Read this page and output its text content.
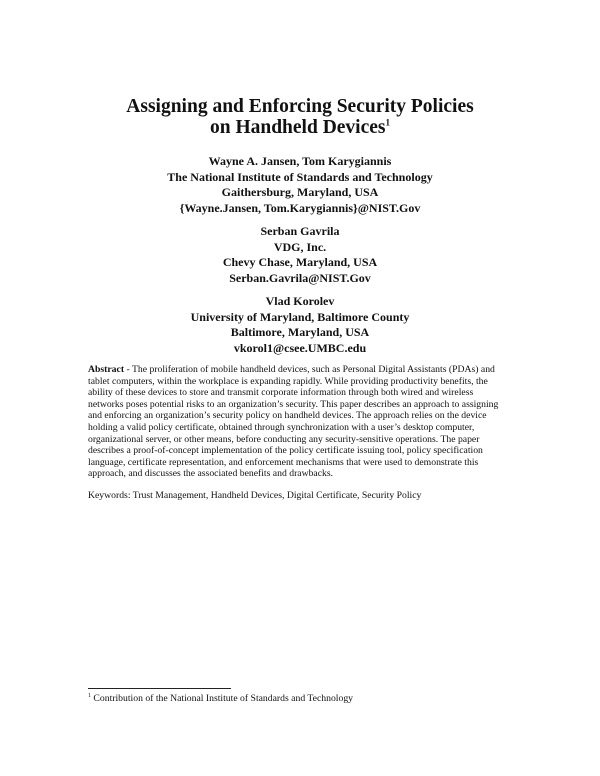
Assigning and Enforcing Security Policies
on Handheld Devices$^1$
Wayne A. Jansen, Tom Karygiannis
The National Institute of Standards and Technology
Gaithersburg, Maryland, USA
{Wayne.Jansen, Tom.Karygiannis}@NIST.Gov
Serban Gavrila
VDG, Inc.
Chevy Chase, Maryland, USA
Serban.Gavrila@NIST.Gov
Vlad Korolev
University of Maryland, Baltimore County
Baltimore, Maryland, USA
vkorol1@csee.UMBC.edu
Abstract - The proliferation of mobile handheld devices, such as Personal Digital Assistants (PDAs) and
tablet computers, within the workplace is expanding rapidly. While providing productivity benefits, the
ability of these devices to store and transmit corporate information through both wired and wireless
networks poses potential risks to an organization’s security. This paper describes an approach to assigning
and enforcing an organization’s security policy on handheld devices. The approach relies on the device
holding a valid policy certificate, obtained through synchronization with a user’s desktop computer,
organizational server, or other means, before conducting any security-sensitive operations. The paper
describes a proof-of-concept implementation of the policy certificate issuing tool, policy specification
language, certificate representation, and enforcement mechanisms that were used to demonstrate this
approach, and discusses the associated benefits and drawbacks.
Keywords: Trust Management, Handheld Devices, Digital Certificate, Security Policy
$^1$ Contribution of the National Institute of Standards and Technology
